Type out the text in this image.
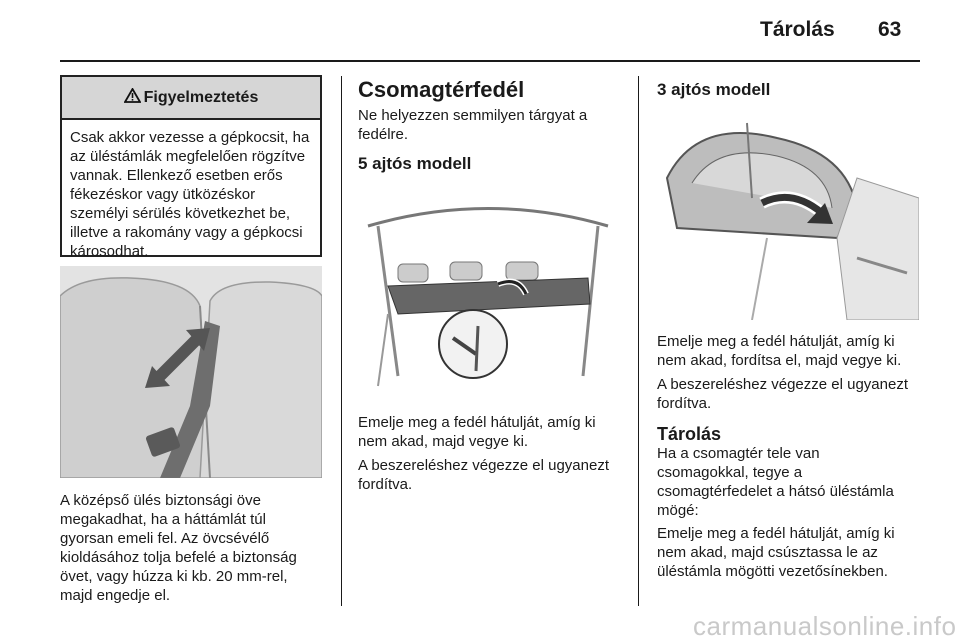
Tárolás 63
Figyelmeztetés
Csak akkor vezesse a gépkocsit, ha az üléstámlák megfelelően rögzítve vannak. Ellenkező esetben erős fékezéskor vagy ütközéskor személyi sérülés következhet be, illetve a rakomány vagy a gépkocsi károsodhat.
A középső ülés biztonsági öve megakadhat, ha a háttámlát túl gyorsan emeli fel. Az övcsévélő kioldásához tolja befelé a biztonság övet, vagy húzza ki kb. 20 mm-rel, majd engedje el.
Csomagtérfedél
Ne helyezzen semmilyen tárgyat a fedélre.
5 ajtós modell
Emelje meg a fedél hátulját, amíg ki nem akad, majd vegye ki.
A beszereléshez végezze el ugyanezt fordítva.
3 ajtós modell
Emelje meg a fedél hátulját, amíg ki nem akad, fordítsa el, majd vegye ki.
A beszereléshez végezze el ugyanezt fordítva.
Tárolás
Ha a csomagtér tele van csomagokkal, tegye a csomagtérfedelet a hátsó üléstámla mögé:
Emelje meg a fedél hátulját, amíg ki nem akad, majd csúsztassa le az üléstámla mögötti vezetősínekben.
carmanualsonline.info
